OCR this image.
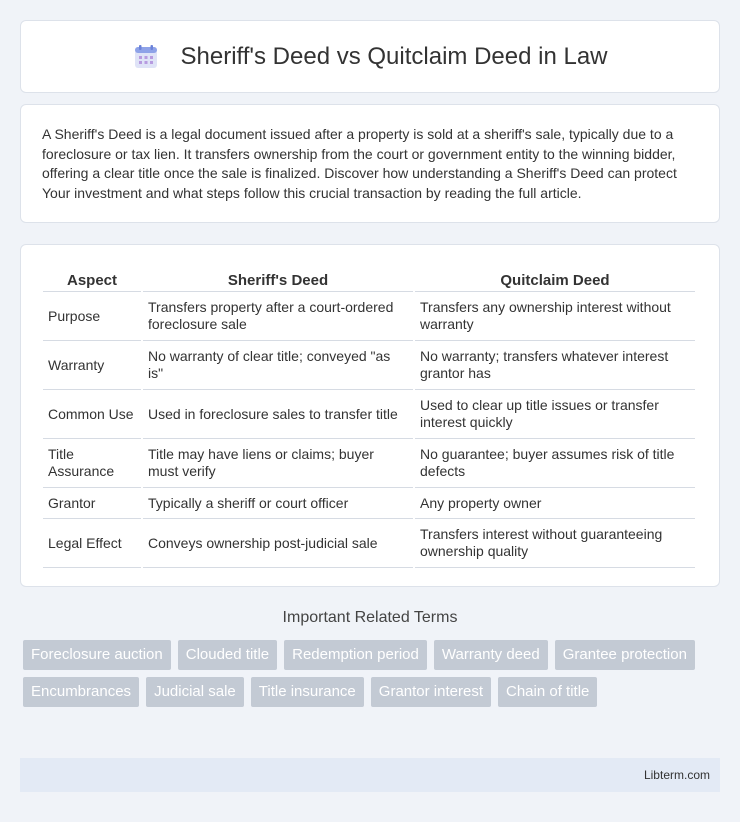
Sheriff's Deed vs Quitclaim Deed in Law

A Sheriff's Deed is a legal document issued after a property is sold at a sheriff's sale, typically due to a foreclosure or tax lien. It transfers ownership from the court or government entity to the winning bidder, offering a clear title once the sale is finalized. Discover how understanding a Sheriff's Deed can protect Your investment and what steps follow this crucial transaction by reading the full article.

Aspect	Sheriff's Deed	Quitclaim Deed
Purpose	Transfers property after a court-ordered foreclosure sale	Transfers any ownership interest without warranty
Warranty	No warranty of clear title; conveyed "as is"	No warranty; transfers whatever interest grantor has
Common Use	Used in foreclosure sales to transfer title	Used to clear up title issues or transfer interest quickly
Title Assurance	Title may have liens or claims; buyer must verify	No guarantee; buyer assumes risk of title defects
Grantor	Typically a sheriff or court officer	Any property owner
Legal Effect	Conveys ownership post-judicial sale	Transfers interest without guaranteeing ownership quality
Important Related Terms
Foreclosure auction	Clouded title	Redemption period	Warranty deed	Grantee protection
Encumbrances	Judicial sale	Title insurance	Grantor interest	Chain of title
Libterm.com
